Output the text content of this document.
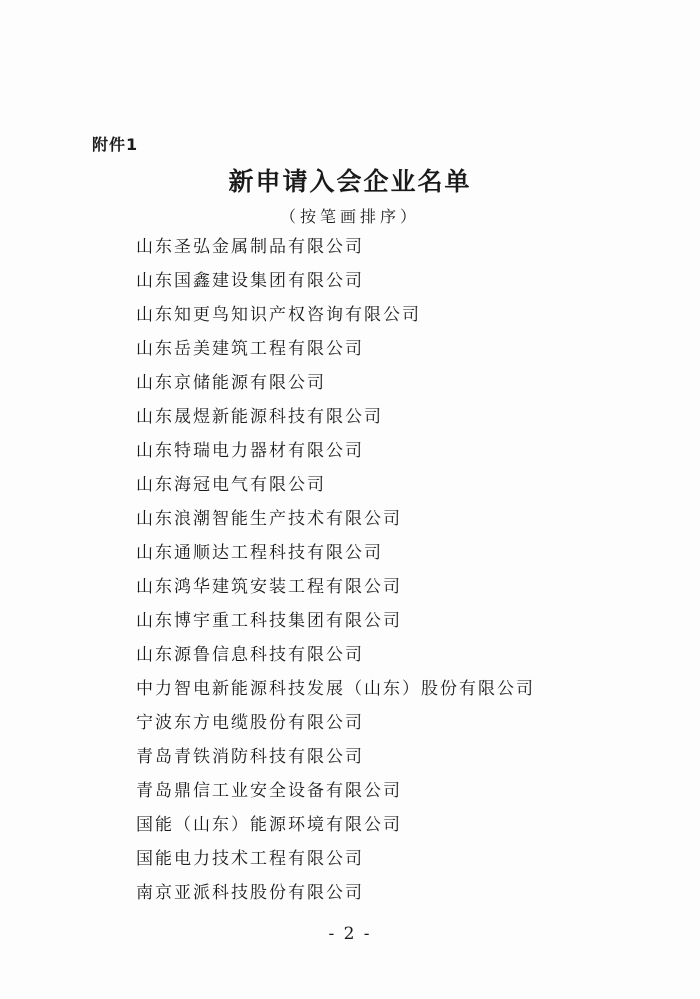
附件1
新申请入会企业名单
（按笔画排序）
山东圣弘金属制品有限公司
山东国鑫建设集团有限公司
山东知更鸟知识产权咨询有限公司
山东岳美建筑工程有限公司
山东京储能源有限公司
山东晟煜新能源科技有限公司
山东特瑞电力器材有限公司
山东海冠电气有限公司
山东浪潮智能生产技术有限公司
山东通顺达工程科技有限公司
山东鸿华建筑安装工程有限公司
山东博宇重工科技集团有限公司
山东源鲁信息科技有限公司
中力智电新能源科技发展（山东）股份有限公司
宁波东方电缆股份有限公司
青岛青铁消防科技有限公司
青岛鼎信工业安全设备有限公司
国能（山东）能源环境有限公司
国能电力技术工程有限公司
南京亚派科技股份有限公司
- 2 -
